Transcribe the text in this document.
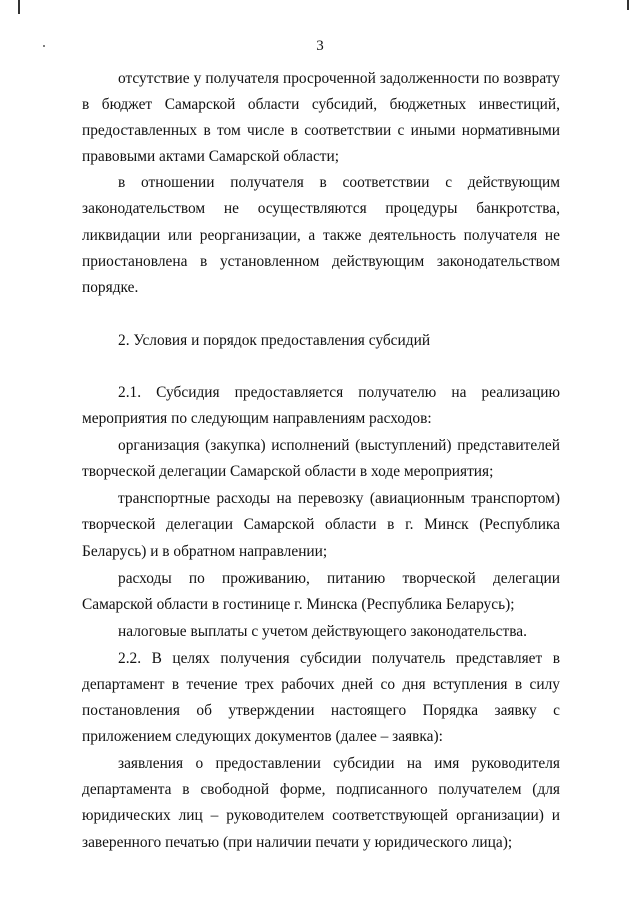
3

отсутствие у получателя просроченной задолженности по возврату в бюджет Самарской области субсидий, бюджетных инвестиций, предоставленных в том числе в соответствии с иными нормативными правовыми актами Самарской области;

в отношении получателя в соответствии с действующим законодательством не осуществляются процедуры банкротства, ликвидации или реорганизации, а также деятельность получателя не приостановлена в установленном действующим законодательством порядке.

2. Условия и порядок предоставления субсидий

2.1. Субсидия предоставляется получателю на реализацию мероприятия по следующим направлениям расходов:

организация (закупка) исполнений (выступлений) представителей творческой делегации Самарской области в ходе мероприятия;

транспортные расходы на перевозку (авиационным транспортом) творческой делегации Самарской области в г. Минск (Республика Беларусь) и в обратном направлении;

расходы по проживанию, питанию творческой делегации Самарской области в гостинице г. Минска (Республика Беларусь);

налоговые выплаты с учетом действующего законодательства.

2.2. В целях получения субсидии получатель представляет в департамент в течение трех рабочих дней со дня вступления в силу постановления об утверждении настоящего Порядка заявку с приложением следующих документов (далее – заявка):

заявления о предоставлении субсидии на имя руководителя департамента в свободной форме, подписанного получателем (для юридических лиц – руководителем соответствующей организации) и заверенного печатью (при наличии печати у юридического лица);
